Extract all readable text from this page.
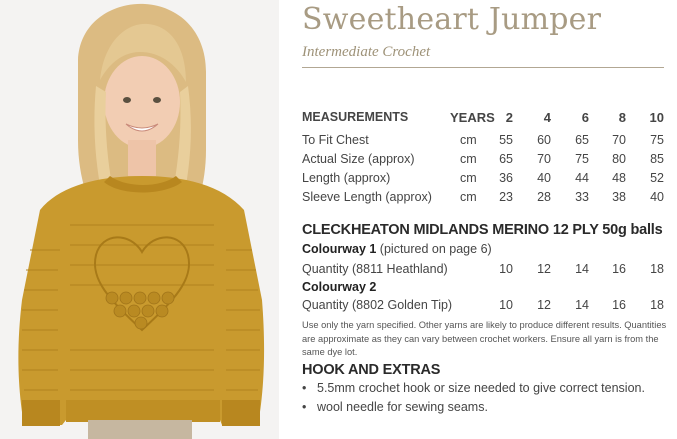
Sweetheart Jumper
Intermediate Crochet
MEASUREMENTS	YEARS 2	4	6	8	10
To Fit Chest	cm	55	60	65	70	75
Actual Size (approx)	cm	65	70	75	80	85
Length (approx)	cm	36	40	44	48	52
Sleeve Length (approx) cm	23	28	33	38	40
CLECKHEATON MIDLANDS MERINO 12 PLY 50g balls
Colourway 1 (pictured on page 6)
Quantity (8811 Heathland)	10	12	14	16	18
Colourway 2
Quantity (8802 Golden Tip)	10	12	14	16	18
Use only the yarn specified. Other yarns are likely to produce different results. Quantities are approximate as they can vary between crochet workers. Ensure all yarn is from the same dye lot.
HOOK AND EXTRAS
• 5.5mm crochet hook or size needed to give correct tension.
• wool needle for sewing seams.
